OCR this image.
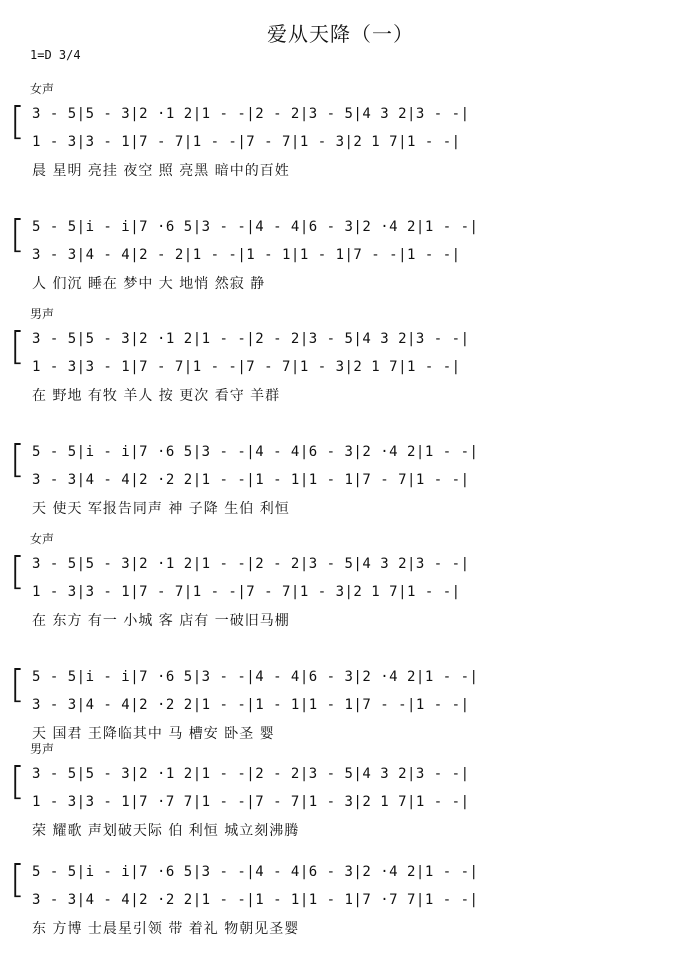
爱从天降（一）
1=D 3/4
女声
[ 3 - 5|5 - 3|2 ·1 2|1 - -|2 - 2|3 - 5|4 3 2|3 - -|
1 - 3|3 - 1|7 - 7|1 - -|7 - 7|1 - 3|2 1 7|1 - -|
晨 星明 亮挂 夜空 照 亮黑 暗中的百姓
[ 5 - 5|i - i|7 ·6 5|3 - -|4 - 4|6 - 3|2 ·4 2|1 - -|
3 - 3|4 - 4|2 - 2|1 - -|1 - 1|1 - 1|7 - -|1 - -|
人 们沉 睡在 梦中 大 地悄 然寂 静
男声
[ 3 - 5|5 - 3|2 ·1 2|1 - -|2 - 2|3 - 5|4 3 2|3 - -|
1 - 3|3 - 1|7 - 7|1 - -|7 - 7|1 - 3|2 1 7|1 - -|
在 野地 有牧 羊人 按 更次 看守 羊群
[ 5 - 5|i - i|7 ·6 5|3 - -|4 - 4|6 - 3|2 ·4 2|1 - -|
3 - 3|4 - 4|2 ·2 2|1 - -|1 - 1|1 - 1|7 - 7|1 - -|
天 使天 军报告同声 神 子降 生伯 利恒
女声
[ 3 - 5|5 - 3|2 ·1 2|1 - -|2 - 2|3 - 5|4 3 2|3 - -|
1 - 3|3 - 1|7 - 7|1 - -|7 - 7|1 - 3|2 1 7|1 - -|
在 东方 有一 小城 客 店有 一破旧马棚
[ 5 - 5|i - i|7 ·6 5|3 - -|4 - 4|6 - 3|2 ·4 2|1 - -|
3 - 3|4 - 4|2 ·2 2|1 - -|1 - 1|1 - 1|7 - -|1 - -|
天 国君 王降临其中 马 槽安 卧圣 婴
男声
[ 3 - 5|5 - 3|2 ·1 2|1 - -|2 - 2|3 - 5|4 3 2|3 - -|
1 - 3|3 - 1|7 ·7 7|1 - -|7 - 7|1 - 3|2 1 7|1 - -|
荣 耀歌 声划破天际 伯 利恒 城立刻沸腾
[ 5 - 5|i - i|7 ·6 5|3 - -|4 - 4|6 - 3|2 ·4 2|1 - -|
3 - 3|4 - 4|2 ·2 2|1 - -|1 - 1|1 - 1|7 ·7 7|1 - -|
东 方博 士晨星引领 带 着礼 物朝见圣婴
